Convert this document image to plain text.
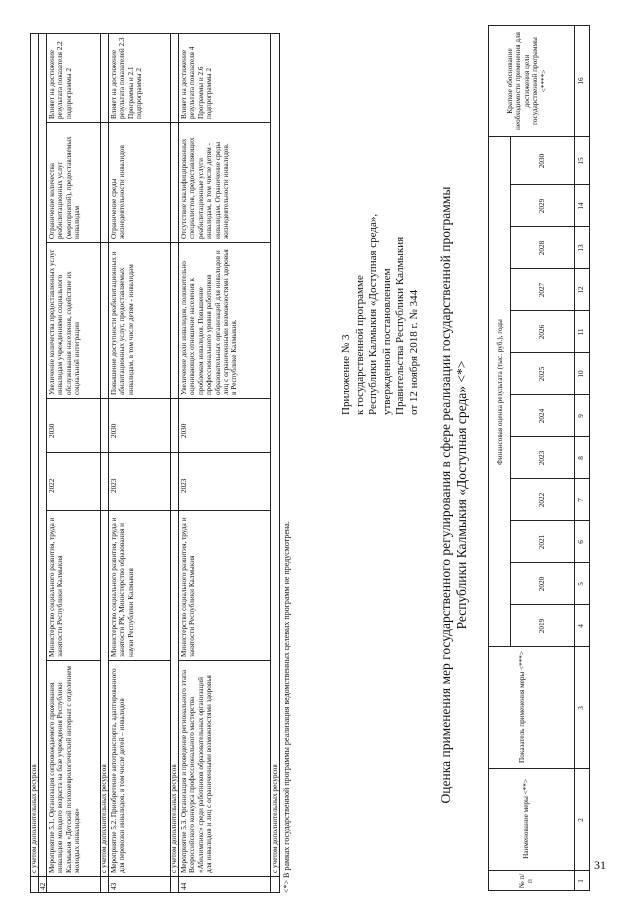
31
с учетом дополнительных ресурсов
42
Мероприятие 5.1. Организация сопровождаемого проживания инвалидов молодого возраста на базе учреждения Республики Калмыкия «Детский психоневрологический интернат с отделением молодых инвалидов»
Министерство социального развития, труда и занятости Республики Калмыкия
2022
2030
Увеличение количества предоставленных услуг инвалидам учреждениями социального обслуживания населения, содействие их социальной интеграции
Ограничение количества реабилитационных услуг (мероприятий), предоставляемых инвалидам
Влияет на достижение результата показателя 2.2 подпрограммы 2
с учетом дополнительных ресурсов
43
Мероприятие 5.2. Приобретение автотранспорта, адаптированного для перевозки инвалидов, в том числе детей – инвалидов
Министерство социального развития, труда и занятости РК, Министерство образования и науки Республики Калмыкия
2023
2030
Повышение доступности реабилитационных и абилитационных услуг, предоставляемых инвалидам, в том числе детям - инвалидам
Ограничение среды жизнедеятельности инвалидов
Влияет на достижение результата показателей 2.3 Программы и 2.1 подпрограммы 2
с учетом дополнительных ресурсов
44
Мероприятие 5.3. Организация и проведение регионального этапа Всероссийского конкурса профессионального мастерства «Абилимпикс» среди работников образовательных организаций для инвалидов и лиц с ограниченными возможностями здоровья
Министерство социального развития, труда и занятости Республики Калмыкия
2023
2030
Увеличение доли инвалидов, положительно оценивающих отношение населения к проблемам инвалидов. Повышение профессионального уровня работников образовательных организаций для инвалидов и лиц с ограниченными возможностями здоровья в Республике Калмыкия.
Отсутствие квалифицированных специалистов, предоставляющих реабилитационные услуги инвалидам, в том числе детям - инвалидам. Ограничение среды жизнедеятельности инвалидов.
Влияет на достижение результата показателя 4 Программы и 2.6 подпрограммы 2
с учетом дополнительных ресурсов <*> В рамках государственной программы реализация ведомственных целевых программ не предусмотрена.
Приложение № 3 к государственной программе Республики Калмыкия «Доступная среда», утвержденной постановлением Правительства Республики Калмыкия от 12 ноября 2018 г. № 344 Оценка применения мер государственного регулирования в сфере реализации государственной программы Республики Калмыкия «Доступная среда» <*>
№ п/п
Наименование меры <**>
Показатель применения меры <***>
Финансовая оценка результата (тыс. руб.), годы
Краткое обоснование необходимости применения для достижения цели государственной программы <****>
2019
2020
2021
2022
2023
2024
2025
2026
2027
2028
2029
2030
1
2
3
4
5
6
7
8
9
10
11
12
13
14
15
16
